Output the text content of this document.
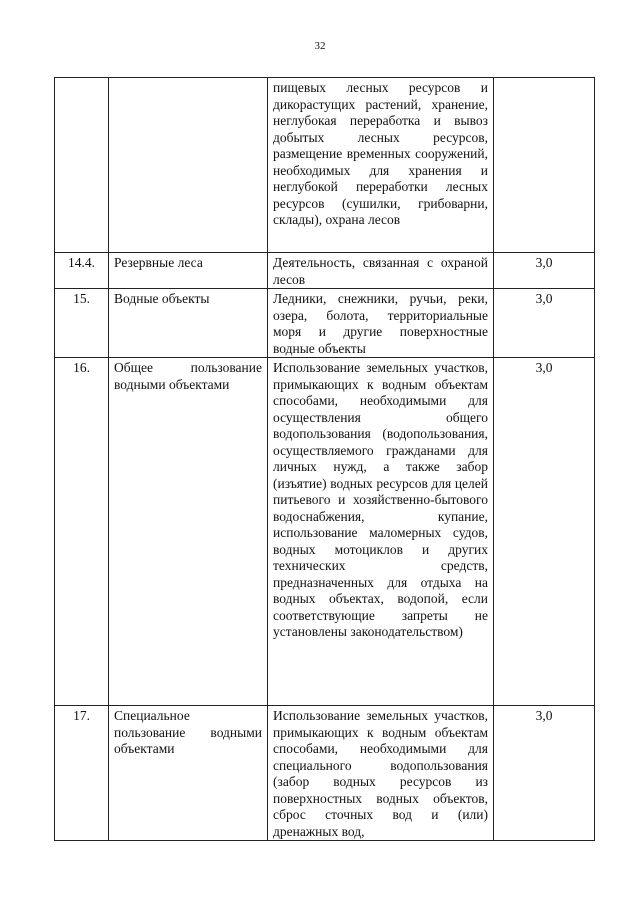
32
		пищевых лесных ресурсов и дикорастущих растений, хранение, неглубокая переработка и вывоз добытых лесных ресурсов, размещение временных сооружений, необходимых для хранения и неглубокой переработки лесных ресурсов (сушилки, грибоварни, склады), охрана лесов	
14.4.	Резервные леса	Деятельность, связанная с охраной лесов	3,0
15.	Водные объекты	Ледники, снежники, ручьи, реки, озера, болота, территориальные моря и другие поверхностные водные объекты	3,0
16.	Общее пользование водными объектами	Использование земельных участков, примыкающих к водным объектам способами, необходимыми для осуществления общего водопользования (водопользования, осуществляемого гражданами для личных нужд, а также забор (изъятие) водных ресурсов для целей питьевого и хозяйственно-бытового водоснабжения, купание, использование маломерных судов, водных мотоциклов и других технических средств, предназначенных для отдыха на водных объектах, водопой, если соответствующие запреты не установлены законодательством)	3,0
17.	Специальное пользование водными объектами	Использование земельных участков, примыкающих к водным объектам способами, необходимыми для специального водопользования (забор водных ресурсов из поверхностных водных объектов, сброс сточных вод и (или) дренажных вод,	3,0
